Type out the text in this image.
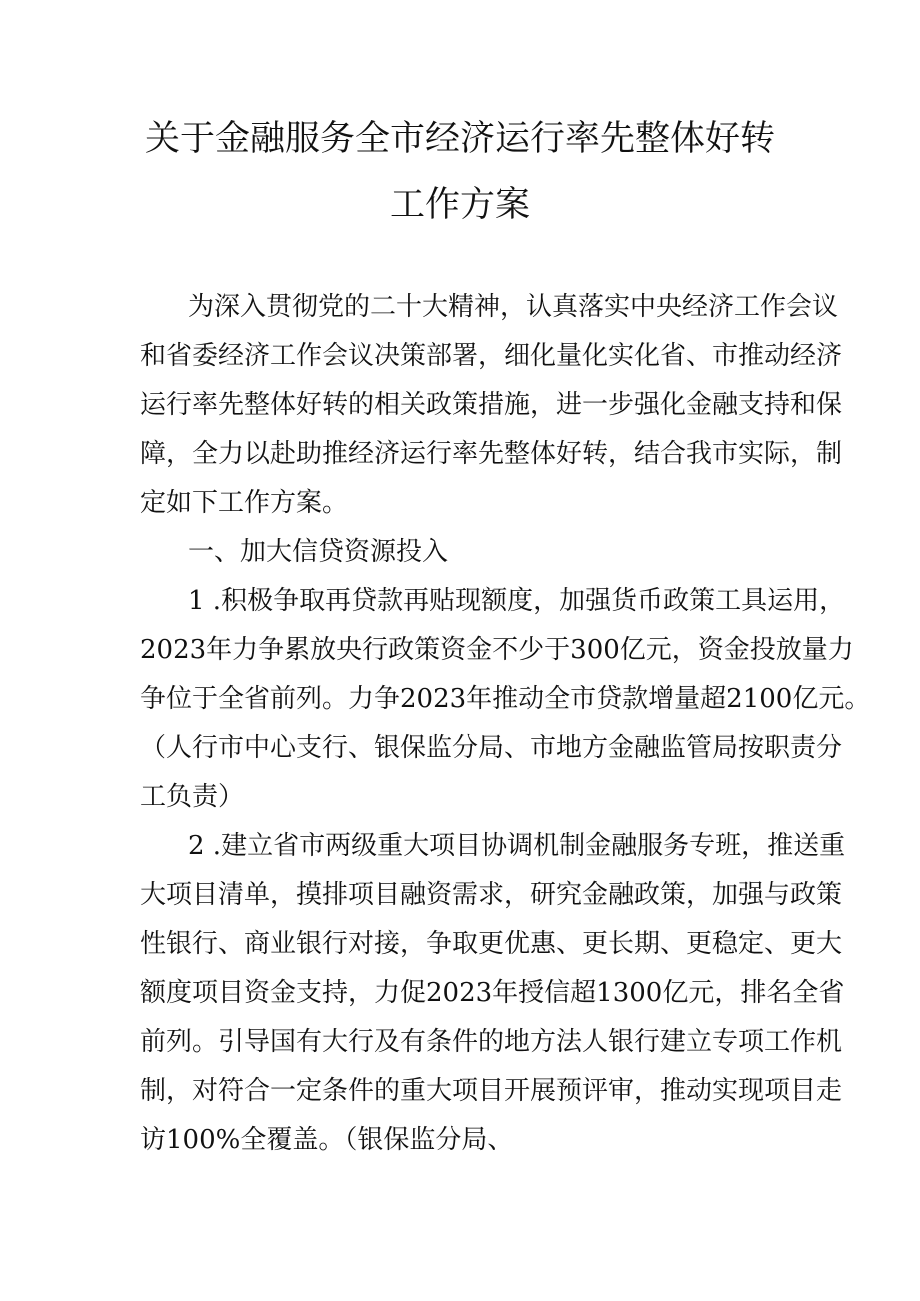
关于金融服务全市经济运行率先整体好转
工作方案
为深入贯彻党的二十大精神，认真落实中央经济工作会议
和省委经济工作会议决策部署，细化量化实化省、市推动经济
运行率先整体好转的相关政策措施，进一步强化金融支持和保
障，全力以赴助推经济运行率先整体好转，结合我市实际，制
定如下工作方案。
一、加大信贷资源投入
1 .积极争取再贷款再贴现额度，加强货币政策工具运用，
2023年力争累放央行政策资金不少于300亿元，资金投放量力
争位于全省前列。力争2023年推动全市贷款增量超2100亿元。
（人行市中心支行、银保监分局、市地方金融监管局按职责分
工负责）
2 .建立省市两级重大项目协调机制金融服务专班，推送重
大项目清单，摸排项目融资需求，研究金融政策，加强与政策
性银行、商业银行对接，争取更优惠、更长期、更稳定、更大
额度项目资金支持，力促2023年授信超1300亿元，排名全省
前列。引导国有大行及有条件的地方法人银行建立专项工作机
制，对符合一定条件的重大项目开展预评审，推动实现项目走
访100%全覆盖。（银保监分局、
